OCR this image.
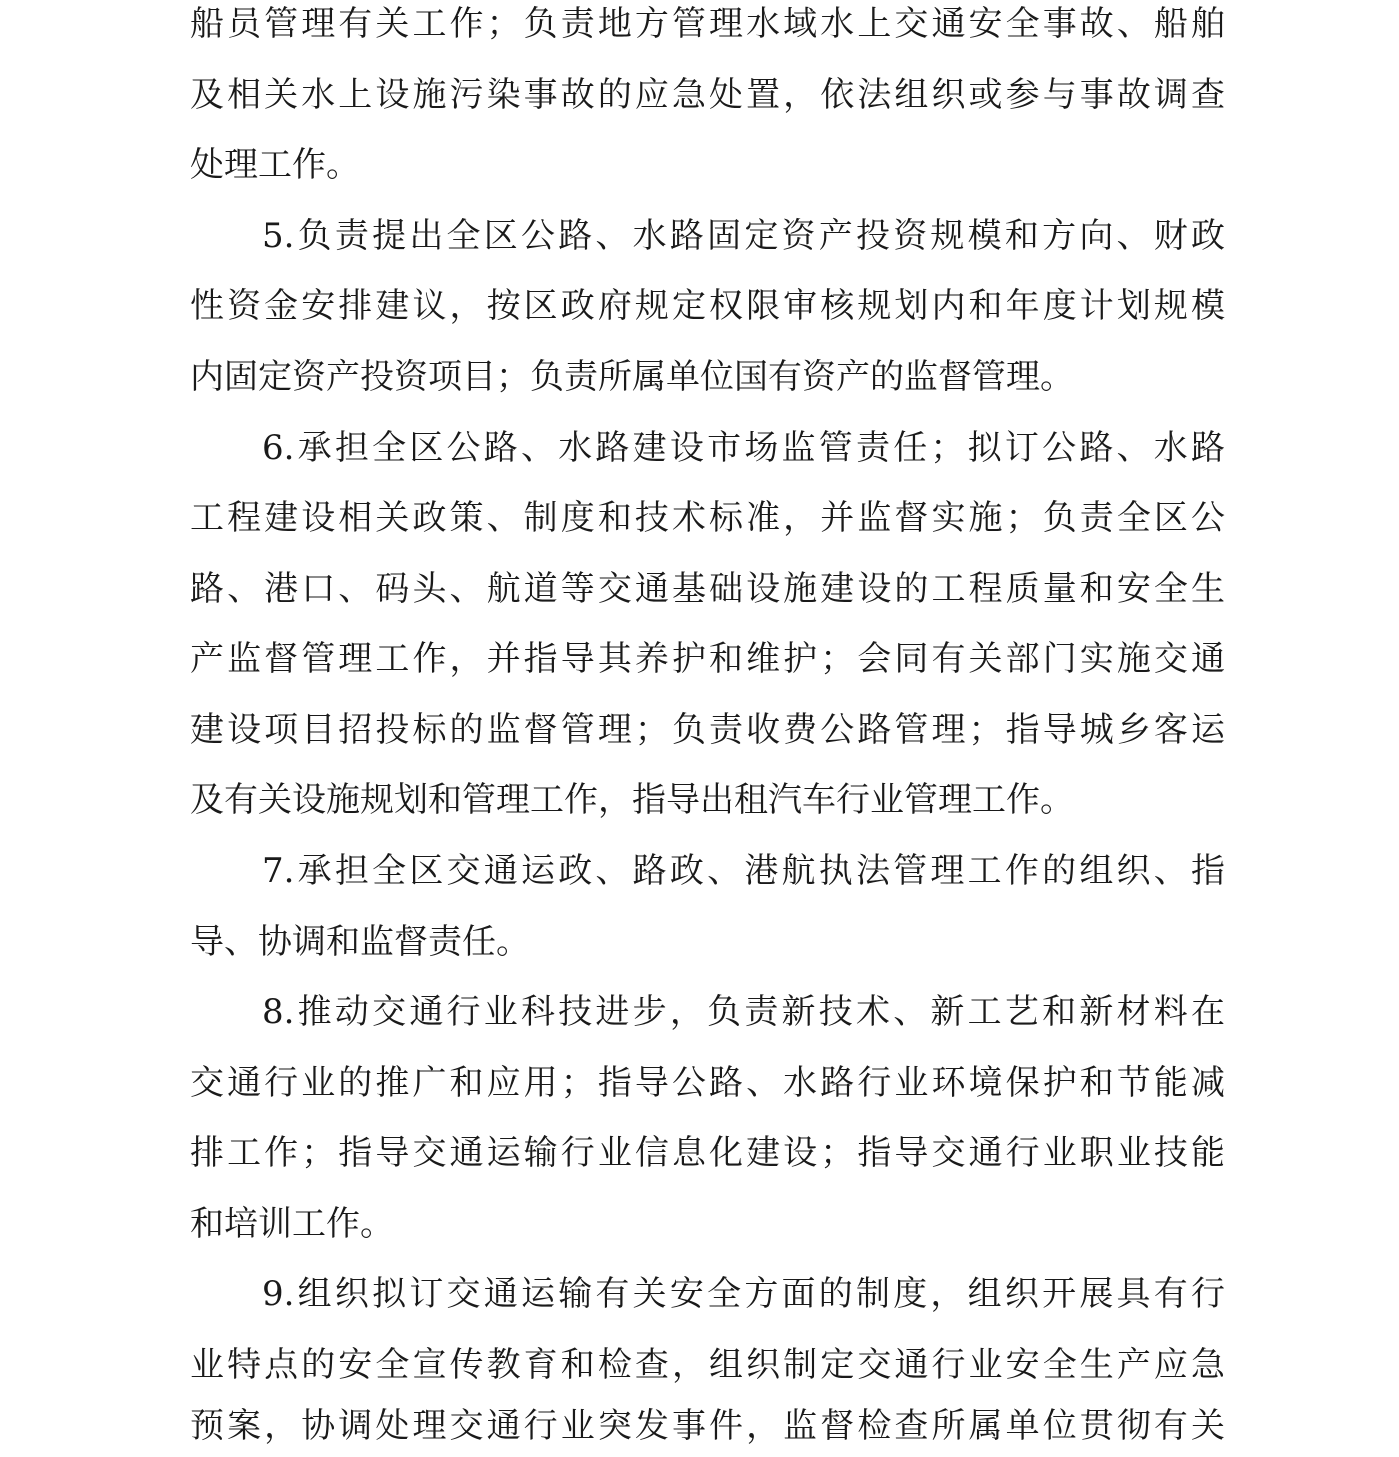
船员管理有关工作；负责地方管理水域水上交通安全事故、船舶
及相关水上设施污染事故的应急处置，依法组织或参与事故调查
处理工作。
5.负责提出全区公路、水路固定资产投资规模和方向、财政
性资金安排建议，按区政府规定权限审核规划内和年度计划规模
内固定资产投资项目；负责所属单位国有资产的监督管理。
6.承担全区公路、水路建设市场监管责任；拟订公路、水路
工程建设相关政策、制度和技术标准，并监督实施；负责全区公
路、港口、码头、航道等交通基础设施建设的工程质量和安全生
产监督管理工作，并指导其养护和维护；会同有关部门实施交通
建设项目招投标的监督管理；负责收费公路管理；指导城乡客运
及有关设施规划和管理工作，指导出租汽车行业管理工作。
7.承担全区交通运政、路政、港航执法管理工作的组织、指
导、协调和监督责任。
8.推动交通行业科技进步，负责新技术、新工艺和新材料在
交通行业的推广和应用；指导公路、水路行业环境保护和节能减
排工作；指导交通运输行业信息化建设；指导交通行业职业技能
和培训工作。
9.组织拟订交通运输有关安全方面的制度，组织开展具有行
业特点的安全宣传教育和检查，组织制定交通行业安全生产应急
预案，协调处理交通行业突发事件，监督检查所属单位贯彻有关
